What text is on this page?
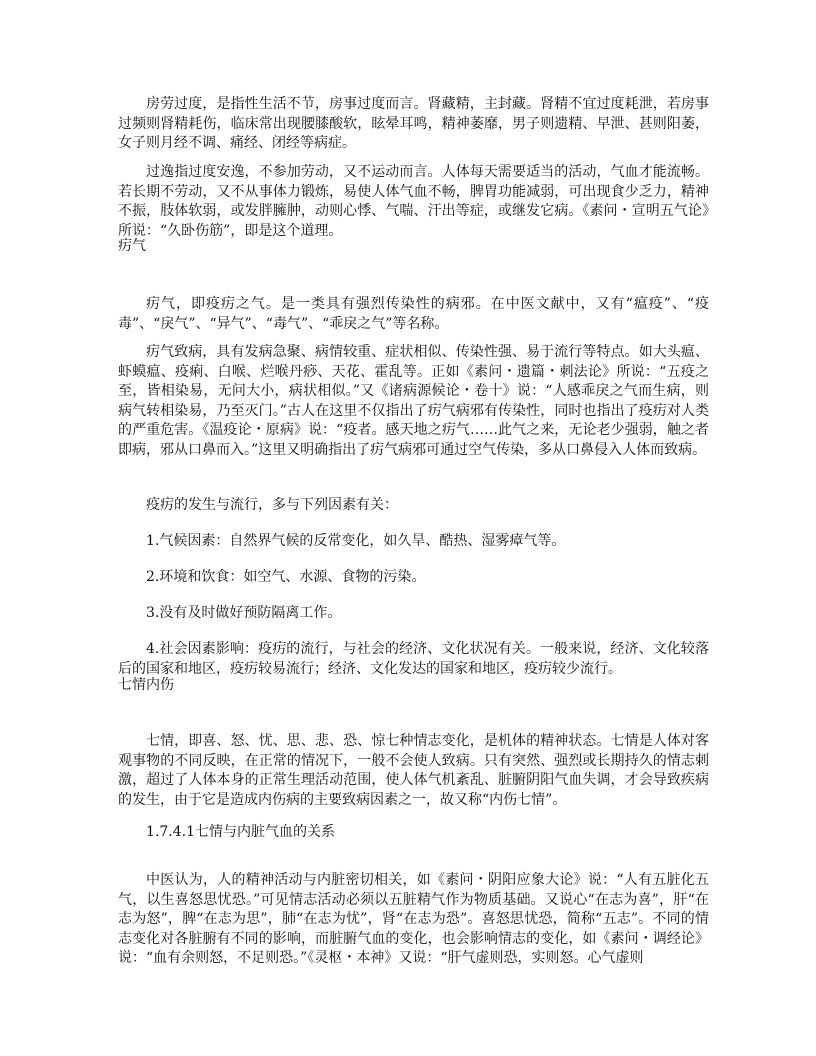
房劳过度，是指性生活不节，房事过度而言。肾藏精，主封藏。肾精不宜过度耗泄，若房事过频则肾精耗伤，临床常出现腰膝酸软，眩晕耳鸣，精神萎靡，男子则遗精、早泄、甚则阳萎，女子则月经不调、痛经、闭经等病症。

过逸指过度安逸，不参加劳动，又不运动而言。人体每天需要适当的活动，气血才能流畅。若长期不劳动，又不从事体力锻炼，易使人体气血不畅，脾胃功能减弱，可出现食少乏力，精神不振，肢体软弱，或发胖臃肿，动则心悸、气喘、汗出等症，或继发它病。《素问・宣明五气论》所说：“久卧伤筋”，即是这个道理。

疠气

疠气，即疫疠之气。是一类具有强烈传染性的病邪。在中医文献中，又有“瘟疫”、“疫毒”、“戾气”、“异气”、“毒气”、“乖戾之气”等名称。

疠气致病，具有发病急聚、病情较重、症状相似、传染性强、易于流行等特点。如大头瘟、虾蟆瘟、疫痢、白喉、烂喉丹痧、天花、霍乱等。正如《素问・遗篇・刺法论》所说：“五疫之至，皆相染易，无问大小，病状相似。”又《诸病源候论・卷十》说：“人感乖戾之气而生病，则病气转相染易，乃至灭门。”古人在这里不仅指出了疠气病邪有传染性，同时也指出了疫疠对人类的严重危害。《温疫论・原病》说：“疫者。感天地之疠气……此气之来，无论老少强弱，触之者即病，邪从口鼻而入。”这里又明确指出了疠气病邪可通过空气传染，多从口鼻侵入人体而致病。

疫疠的发生与流行，多与下列因素有关：

1.气候因素：自然界气候的反常变化，如久旱、酷热、湿雾瘴气等。

2.环境和饮食：如空气、水源、食物的污染。

3.没有及时做好预防隔离工作。

4.社会因素影响：疫疠的流行，与社会的经济、文化状况有关。一般来说，经济、文化较落后的国家和地区，疫疠较易流行；经济、文化发达的国家和地区，疫疠较少流行。

七情内伤

七情，即喜、怒、忧、思、悲、恐、惊七种情志变化，是机体的精神状态。七情是人体对客观事物的不同反映，在正常的情况下，一般不会使人致病。只有突然、强烈或长期持久的情志刺激，超过了人体本身的正常生理活动范围，使人体气机紊乱、脏腑阴阳气血失调，才会导致疾病的发生，由于它是造成内伤病的主要致病因素之一，故又称“内伤七情”。

1.7.4.1七情与内脏气血的关系

中医认为，人的精神活动与内脏密切相关，如《素问・阴阳应象大论》说：“人有五脏化五气，以生喜怒思忧恐。”可见情志活动必须以五脏精气作为物质基础。又说心“在志为喜”，肝“在志为怒”，脾“在志为思”，肺“在志为忧”，肾“在志为恐”。喜怒思忧恐，简称“五志”。不同的情志变化对各脏腑有不同的影响，而脏腑气血的变化，也会影响情志的变化，如《素问・调经论》说：“血有余则怒，不足则恐。”《灵枢・本神》又说：“肝气虚则恐，实则怒。心气虚则
